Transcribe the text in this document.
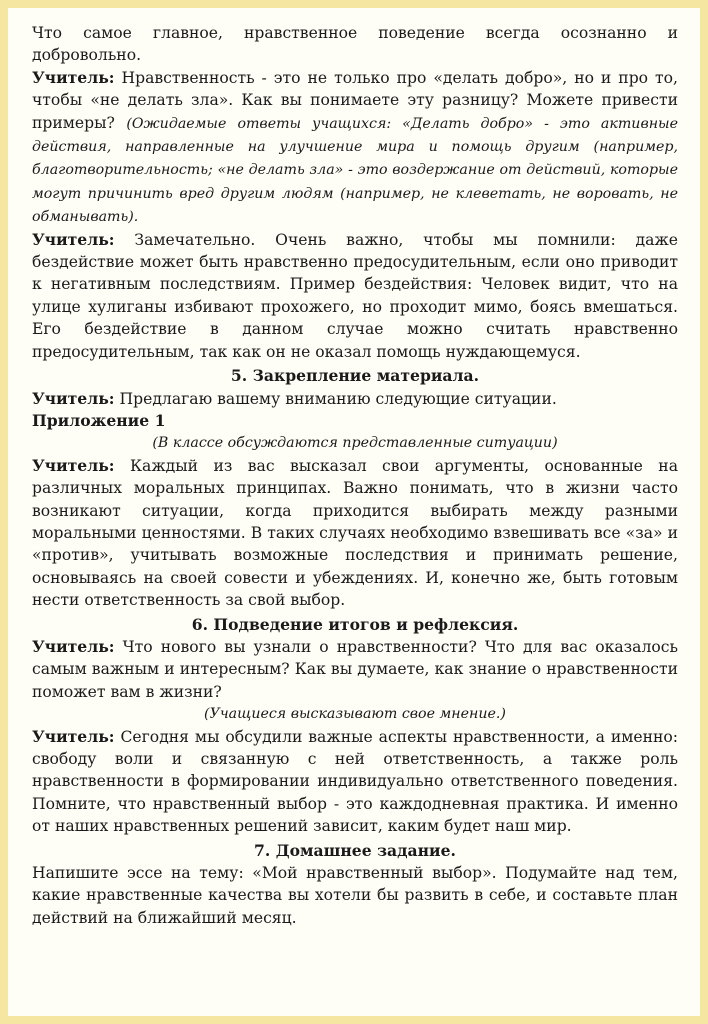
Что самое главное, нравственное поведение всегда осознанно и добровольно.

Учитель: Нравственность - это не только про «делать добро», но и про то, чтобы «не делать зла». Как вы понимаете эту разницу? Можете привести примеры? (Ожидаемые ответы учащихся: «Делать добро» - это активные действия, направленные на улучшение мира и помощь другим (например, благотворительность; «не делать зла» - это воздержание от действий, которые могут причинить вред другим людям (например, не клеветать, не воровать, не обманывать).

Учитель: Замечательно. Очень важно, чтобы мы помнили: даже бездействие может быть нравственно предосудительным, если оно приводит к негативным последствиям. Пример бездействия: Человек видит, что на улице хулиганы избивают прохожего, но проходит мимо, боясь вмешаться. Его бездействие в данном случае можно считать нравственно предосудительным, так как он не оказал помощь нуждающемуся.

5. Закрепление материала.

Учитель: Предлагаю вашему вниманию следующие ситуации.
Приложение 1

(В классе обсуждаются представленные ситуации)

Учитель: Каждый из вас высказал свои аргументы, основанные на различных моральных принципах. Важно понимать, что в жизни часто возникают ситуации, когда приходится выбирать между разными моральными ценностями. В таких случаях необходимо взвешивать все «за» и «против», учитывать возможные последствия и принимать решение, основываясь на своей совести и убеждениях. И, конечно же, быть готовым нести ответственность за свой выбор.

6. Подведение итогов и рефлексия.

Учитель: Что нового вы узнали о нравственности? Что для вас оказалось самым важным и интересным? Как вы думаете, как знание о нравственности поможет вам в жизни?

(Учащиеся высказывают свое мнение.)

Учитель: Сегодня мы обсудили важные аспекты нравственности, а именно: свободу воли и связанную с ней ответственность, а также роль нравственности в формировании индивидуально ответственного поведения. Помните, что нравственный выбор - это каждодневная практика. И именно от наших нравственных решений зависит, каким будет наш мир.

7. Домашнее задание.

Напишите эссе на тему: «Мой нравственный выбор». Подумайте над тем, какие нравственные качества вы хотели бы развить в себе, и составьте план действий на ближайший месяц.
